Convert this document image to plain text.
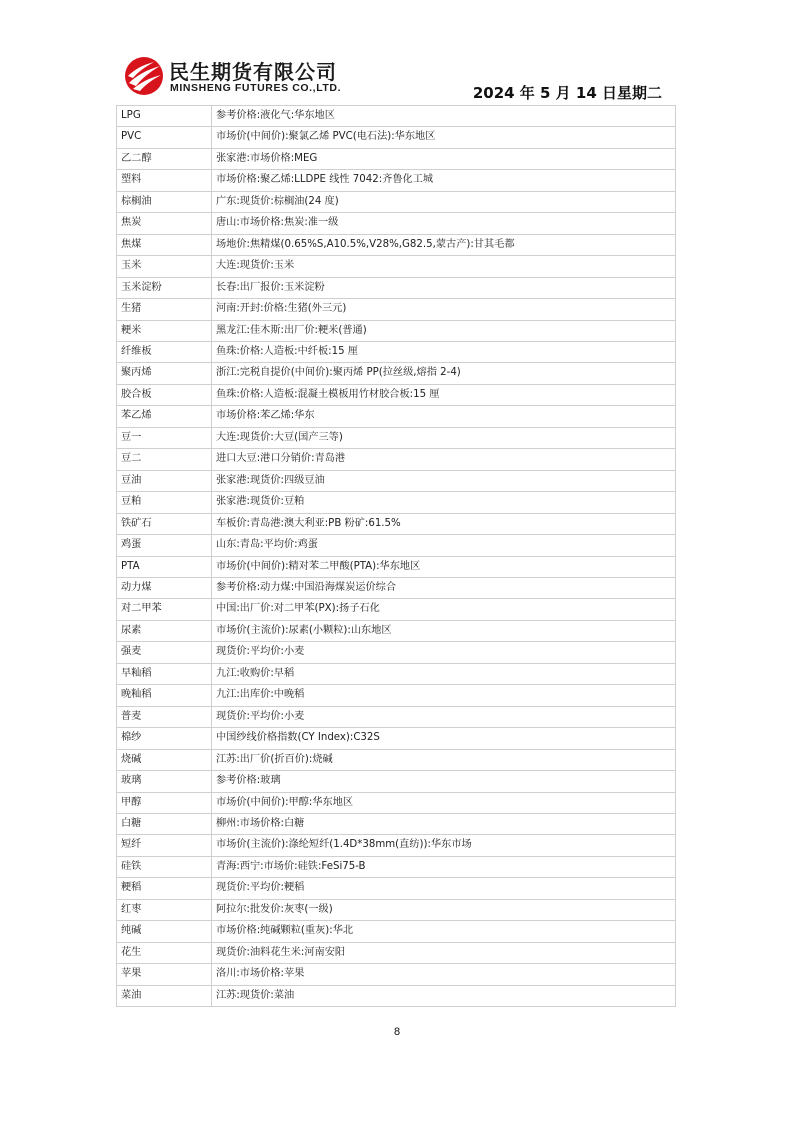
民生期货有限公司
MINSHENG FUTURES CO.,LTD.	2024 年 5 月 14 日星期二
LPG	参考价格:液化气:华东地区
PVC	市场价(中间价):聚氯乙烯 PVC(电石法):华东地区
乙二醇	张家港:市场价格:MEG
塑料	市场价格:聚乙烯:LLDPE 线性 7042:齐鲁化工城
棕榈油	广东:现货价:棕榈油(24 度)
焦炭	唐山:市场价格:焦炭:准一级
焦煤	场地价:焦精煤(0.65%S,A10.5%,V28%,G82.5,蒙古产):甘其毛都
玉米	大连:现货价:玉米
玉米淀粉	长春:出厂报价:玉米淀粉
生猪	河南:开封:价格:生猪(外三元)
粳米	黑龙江:佳木斯:出厂价:粳米(普通)
纤维板	鱼珠:价格:人造板:中纤板:15 厘
聚丙烯	浙江:完税自提价(中间价):聚丙烯 PP(拉丝级,熔指 2-4)
胶合板	鱼珠:价格:人造板:混凝土模板用竹材胶合板:15 厘
苯乙烯	市场价格:苯乙烯:华东
豆一	大连:现货价:大豆(国产三等)
豆二	进口大豆:港口分销价:青岛港
豆油	张家港:现货价:四级豆油
豆粕	张家港:现货价:豆粕
铁矿石	车板价:青岛港:澳大利亚:PB 粉矿:61.5%
鸡蛋	山东:青岛:平均价:鸡蛋
PTA	市场价(中间价):精对苯二甲酸(PTA):华东地区
动力煤	参考价格:动力煤:中国沿海煤炭运价综合
对二甲苯	中国:出厂价:对二甲苯(PX):扬子石化
尿素	市场价(主流价):尿素(小颗粒):山东地区
强麦	现货价:平均价:小麦
早籼稻	九江:收购价:早稻
晚籼稻	九江:出库价:中晚稻
普麦	现货价:平均价:小麦
棉纱	中国纱线价格指数(CY Index):C32S
烧碱	江苏:出厂价(折百价):烧碱
玻璃	参考价格:玻璃
甲醇	市场价(中间价):甲醇:华东地区
白糖	柳州:市场价格:白糖
短纤	市场价(主流价):涤纶短纤(1.4D*38mm(直纺)):华东市场
硅铁	青海:西宁:市场价:硅铁:FeSi75-B
粳稻	现货价:平均价:粳稻
红枣	阿拉尔:批发价:灰枣(一级)
纯碱	市场价格:纯碱颗粒(重灰):华北
花生	现货价:油料花生米:河南安阳
苹果	洛川:市场价格:苹果
菜油	江苏:现货价:菜油
8
